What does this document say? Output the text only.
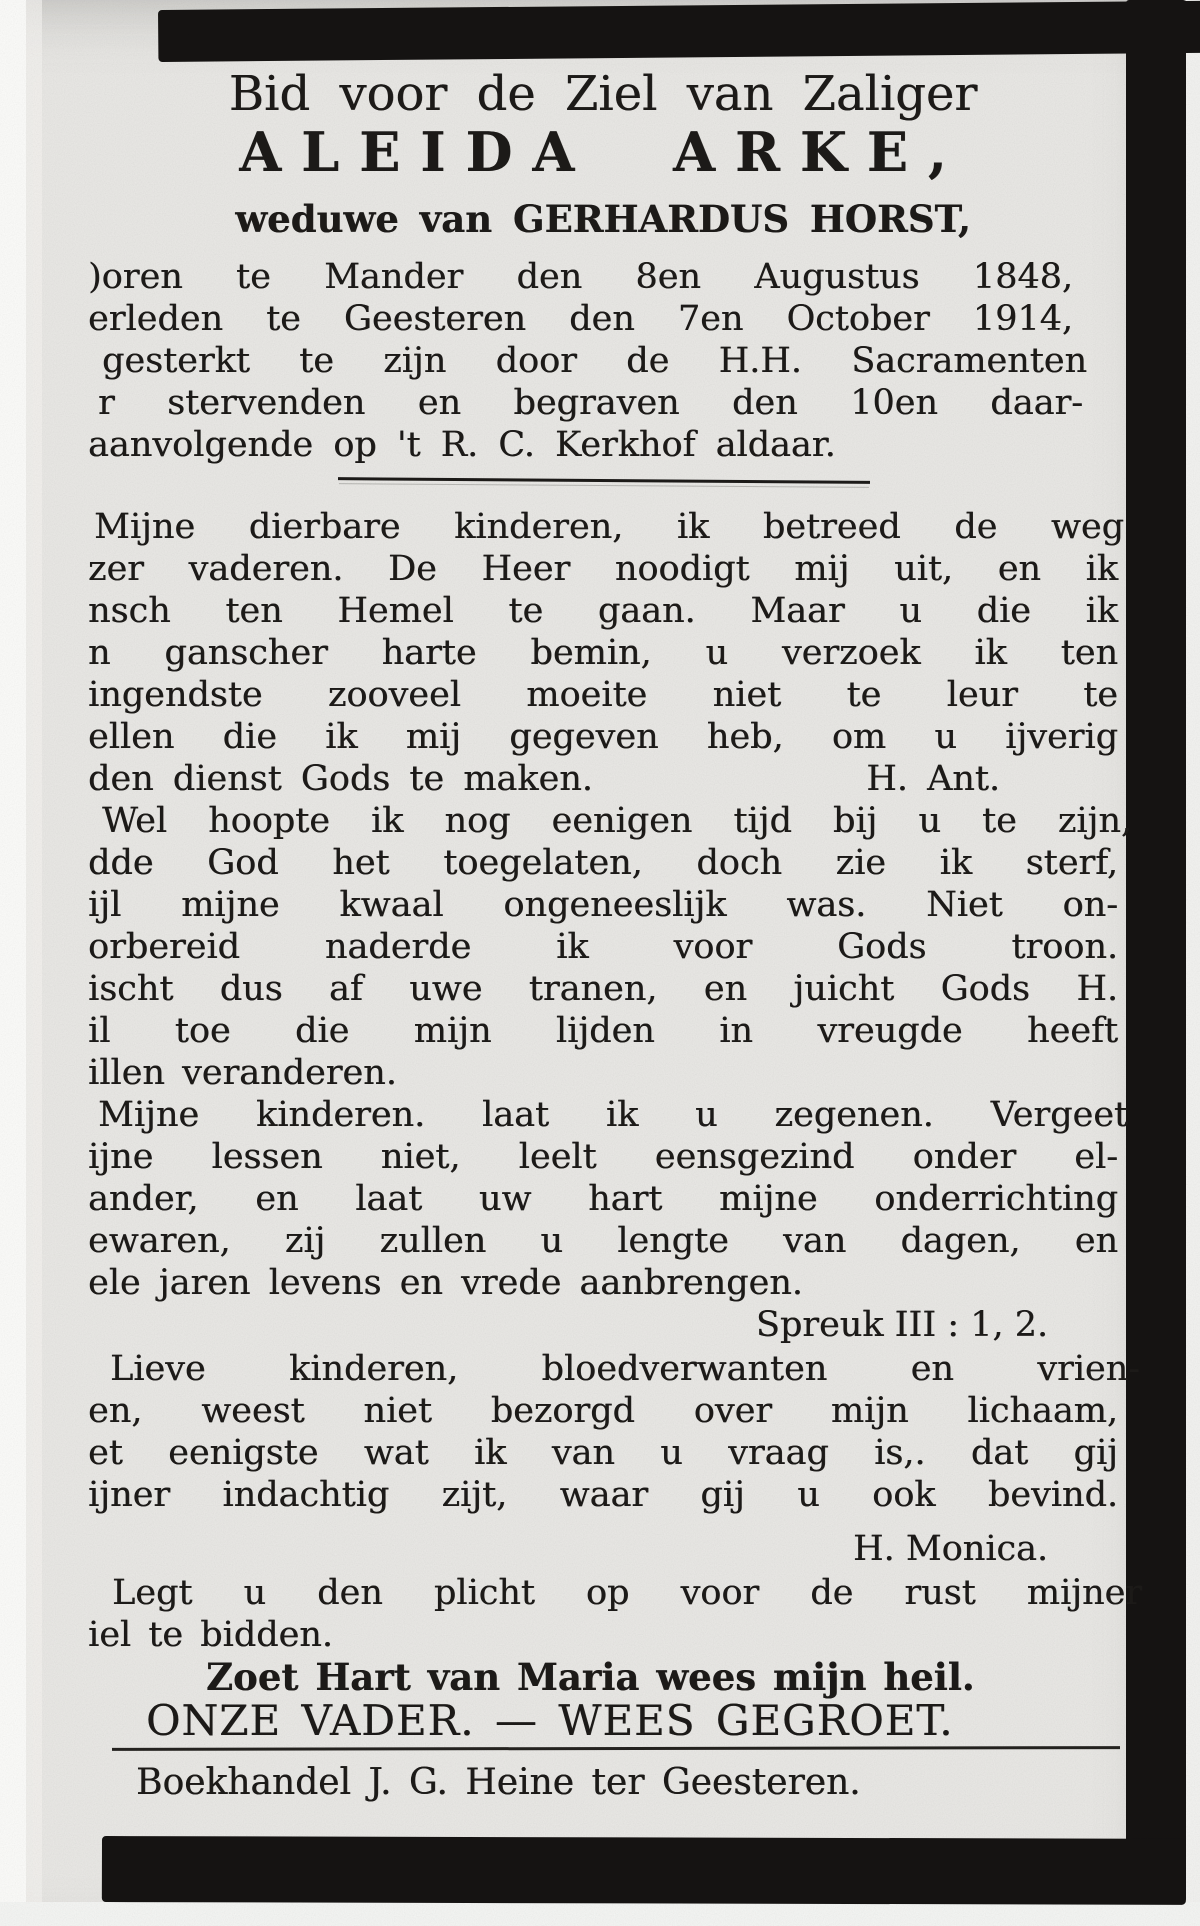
Bid voor de Ziel van Zaliger
ALEIDA ARKE,
weduwe van GERHARDUS HORST,
)oren te Mander den 8en Augustus 1848,
erleden te Geesteren den 7en October 1914,
gesterkt te zijn door de H.H. Sacramenten
r stervenden en begraven den 10en daar-
aanvolgende op 't R. C. Kerkhof aldaar.
Mijne dierbare kinderen, ik betreed de weg
zer vaderen. De Heer noodigt mij uit, en ik
nsch ten Hemel te gaan. Maar u die ik
n ganscher harte bemin, u verzoek ik ten
ingendste zooveel moeite niet te leur te
ellen die ik mij gegeven heb, om u ijverig
den dienst Gods te maken.	H. Ant.
Wel hoopte ik nog eenigen tijd bij u te zijn,
dde God het toegelaten, doch zie ik sterf,
ijl mijne kwaal ongeneeslijk was. Niet on-
orbereid naderde ik voor Gods troon.
ischt dus af uwe tranen, en juicht Gods H.
il toe die mijn lijden in vreugde heeft
illen veranderen.
Mijne kinderen. laat ik u zegenen. Vergeet
ijne lessen niet, leelt eensgezind onder el-
ander, en laat uw hart mijne onderrichting
ewaren, zij zullen u lengte van dagen, en
ele jaren levens en vrede aanbrengen.
Spreuk III : 1, 2.
Lieve kinderen, bloedverwanten en vrien-
en, weest niet bezorgd over mijn lichaam,
et eenigste wat ik van u vraag is,. dat gij
ijner indachtig zijt, waar gij u ook bevind.
H. Monica.
Legt u den plicht op voor de rust mijner
iel te bidden.
Zoet Hart van Maria wees mijn heil.
ONZE VADER. — WEES GEGROET.
Boekhandel J. G. Heine ter Geesteren.
